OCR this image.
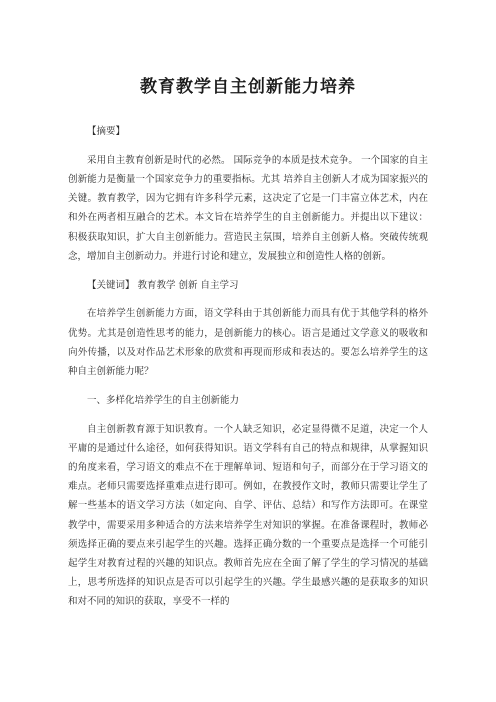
教育教学自主创新能力培养

【摘要】

采用自主教育创新是时代的必然。 国际竞争的本质是技术竞争。 一个国家的自主创新能力是衡量一个国家竞争力的重要指标。尤其 培养自主创新人才成为国家振兴的关键。教育教学，因为它拥有许多科学元素，这决定了它是一门丰富立体艺术，内在和外在两者相互融合的艺术。本文旨在培养学生的自主创新能力。并提出以下建议：积极获取知识，扩大自主创新能力。营造民主氛围，培养自主创新人格。突破传统观念，增加自主创新动力。并进行讨论和建立，发展独立和创造性人格的创新。

【关键词】 教育教学 创新 自主学习

在培养学生创新能力方面，语文学科由于其创新能力而具有优于其他学科的格外优势。尤其是创造性思考的能力，是创新能力的核心。语言是通过文学意义的吸收和向外传播，以及对作品艺术形象的欣赏和再现而形成和表达的。要怎么培养学生的这种自主创新能力呢？

一、多样化培养学生的自主创新能力

自主创新教育源于知识教育。一个人缺乏知识，必定显得微不足道，决定一个人平庸的是通过什么途径，如何获得知识。语文学科有自己的特点和规律，从掌握知识的角度来看，学习语文的难点不在于理解单词、短语和句子，而部分在于学习语文的难点。老师只需要选择重难点进行即可。例如，在教授作文时，教师只需要让学生了解一些基本的语文学习方法（如定向、自学、评估、总结）和写作方法即可。在课堂教学中，需要采用多种适合的方法来培养学生对知识的掌握。在准备课程时，教师必须选择正确的要点来引起学生的兴趣。选择正确分数的一个重要点是选择一个可能引起学生对教育过程的兴趣的知识点。教师首先应在全面了解了学生的学习情况的基础上，思考所选择的知识点是否可以引起学生的兴趣。学生最感兴趣的是获取多的知识和对不同的知识的获取，享受不一样的
